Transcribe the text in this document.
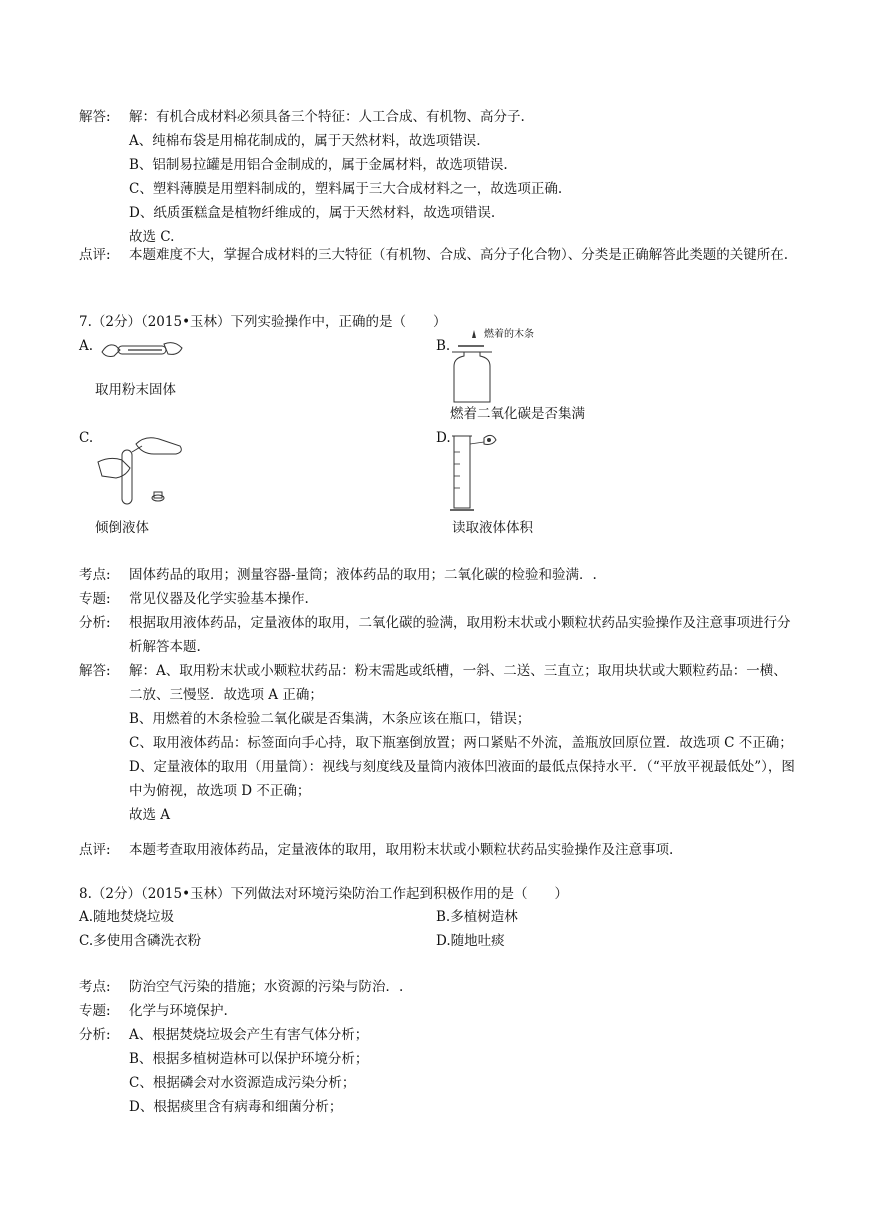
解答:	解：有机合成材料必须具备三个特征：人工合成、有机物、高分子.
A、纯棉布袋是用棉花制成的，属于天然材料，故选项错误.
B、铝制易拉罐是用铝合金制成的，属于金属材料，故选项错误.
C、塑料薄膜是用塑料制成的，塑料属于三大合成材料之一，故选项正确.
D、纸质蛋糕盒是植物纤维成的，属于天然材料，故选项错误.
故选 C.
点评:	本题难度不大，掌握合成材料的三大特征（有机物、合成、高分子化合物）、分类是正确解答此类题的关键所在.
7.（2分）（2015•玉林）下列实验操作中，正确的是（　　）
A.
取用粉末固体
B.
燃着的木条
燃着二氧化碳是否集满
C.
倾倒液体
D.
读取液体体积
考点:	固体药品的取用；测量容器-量筒；液体药品的取用；二氧化碳的检验和验满．.
专题:	常见仪器及化学实验基本操作.
分析:	根据取用液体药品，定量液体的取用，二氧化碳的验满，取用粉末状或小颗粒状药品实验操作及注意事项进行分析解答本题.
解答:	解：A、取用粉末状或小颗粒状药品：粉末需匙或纸槽，一斜、二送、三直立；取用块状或大颗粒药品：一横、二放、三慢竖．故选项 A 正确；
B、用燃着的木条检验二氧化碳是否集满，木条应该在瓶口，错误；
C、取用液体药品：标签面向手心持，取下瓶塞倒放置；两口紧贴不外流，盖瓶放回原位置．故选项 C 不正确；
D、定量液体的取用（用量筒）：视线与刻度线及量筒内液体凹液面的最低点保持水平．（“平放平视最低处”），图中为俯视，故选项 D 不正确；
故选 A
点评:	本题考查取用液体药品，定量液体的取用，取用粉末状或小颗粒状药品实验操作及注意事项.
8.（2分）（2015•玉林）下列做法对环境污染防治工作起到积极作用的是（　　）
A.随地焚烧垃圾	B.多植树造林
C.多使用含磷洗衣粉	D.随地吐痰
考点:	防治空气污染的措施；水资源的污染与防治．.
专题:	化学与环境保护.
分析:	A、根据焚烧垃圾会产生有害气体分析；
B、根据多植树造林可以保护环境分析；
C、根据磷会对水资源造成污染分析；
D、根据痰里含有病毒和细菌分析；
